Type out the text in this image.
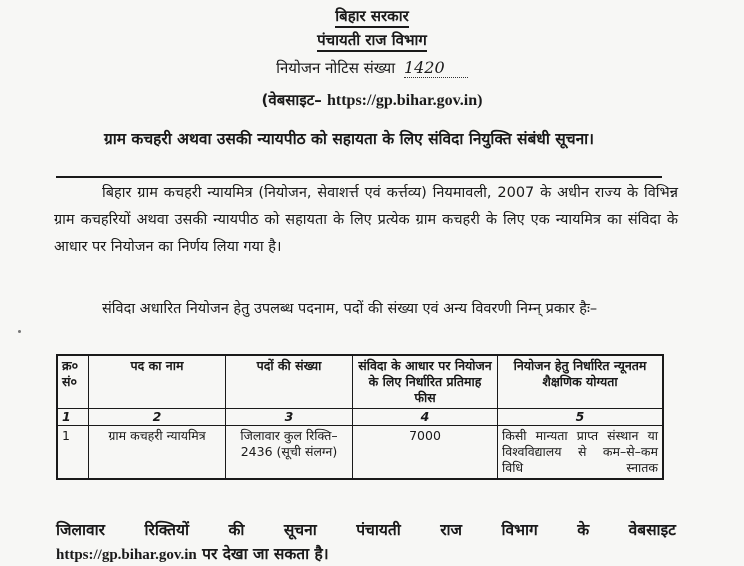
बिहार सरकार
पंचायती राज विभाग
नियोजन नोटिस संख्या 1420
(वेबसाइट– https://gp.bihar.gov.in)
ग्राम कचहरी अथवा उसकी न्यायपीठ को सहायता के लिए संविदा नियुक्ति संबंधी सूचना।
बिहार ग्राम कचहरी न्यायमित्र (नियोजन, सेवाशर्त्त एवं कर्त्तव्य) नियमावली, 2007 के अधीन राज्य के विभिन्न ग्राम कचहरियों अथवा उसकी न्यायपीठ को सहायता के लिए प्रत्येक ग्राम कचहरी के लिए एक न्यायमित्र का संविदा के आधार पर नियोजन का निर्णय लिया गया है।
संविदा अधारित नियोजन हेतु उपलब्ध पदनाम, पदों की संख्या एवं अन्य विवरणी निम्न् प्रकार हैः–
क्र० सं०	पद का नाम	पदों की संख्या	संविदा के आधार पर नियोजन के लिए निर्धारित प्रतिमाह फीस	नियोजन हेतु निर्धारित न्यूनतम शैक्षणिक योग्यता
1	2	3	4	5
1	ग्राम कचहरी न्यायमित्र	जिलावार कुल रिक्ति–2436 (सूची संलग्न)	7000	किसी मान्यता प्राप्त संस्थान या विश्वविद्यालय से कम–से–कम विधि स्नातक
जिलावार रिक्तियों की सूचना पंचायती राज विभाग के वेबसाइट
https://gp.bihar.gov.in पर देखा जा सकता है।
